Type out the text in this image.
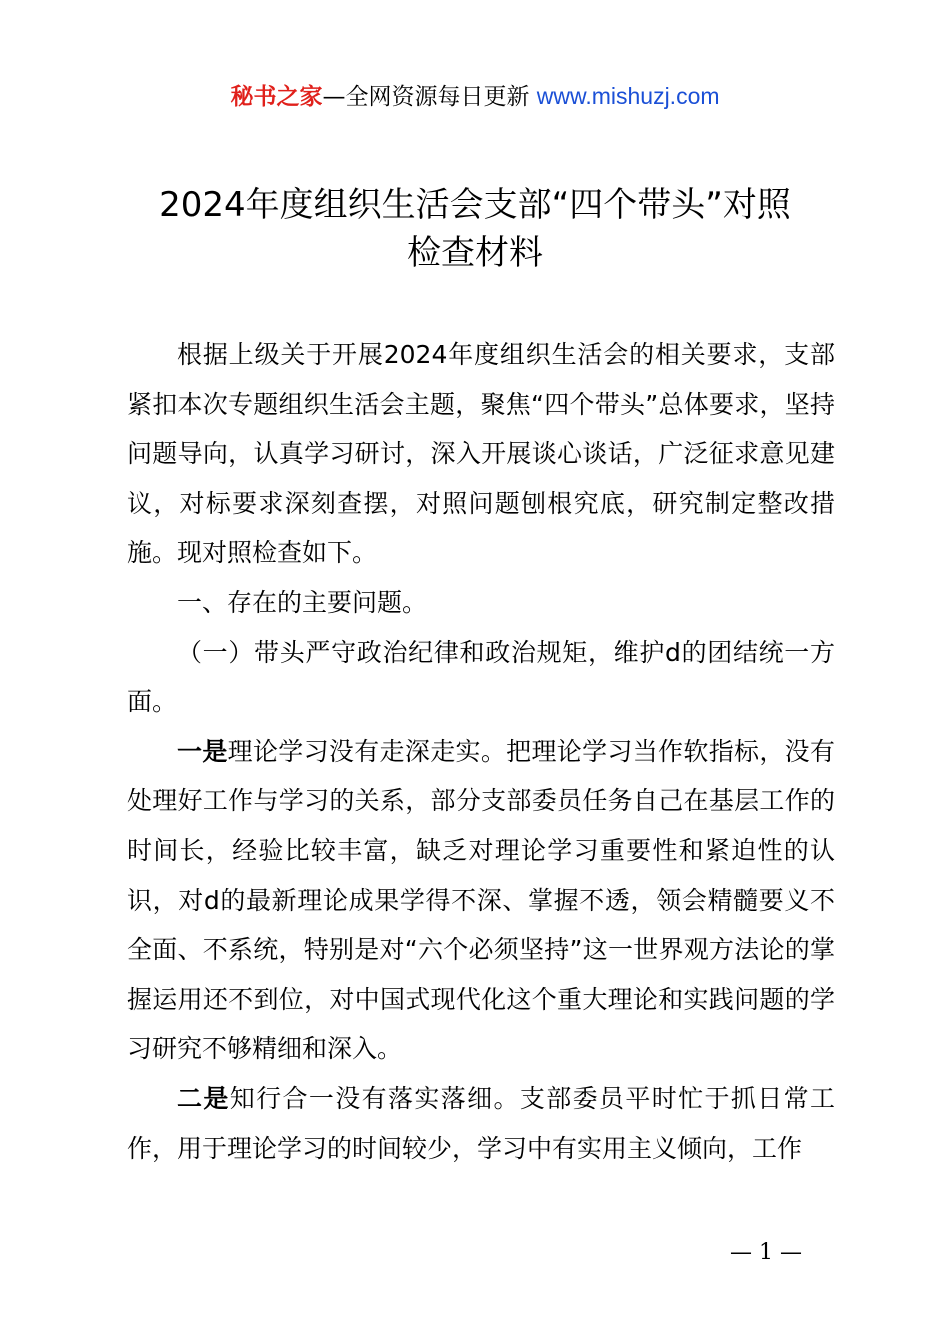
秘书之家—全网资源每日更新 www.mishuzj.com
2024年度组织生活会支部“四个带头”对照
检查材料

根据上级关于开展2024年度组织生活会的相关要求，支部紧扣本次专题组织生活会主题，聚焦“四个带头”总体要求，坚持问题导向，认真学习研讨，深入开展谈心谈话，广泛征求意见建议，对标要求深刻查摆，对照问题刨根究底，研究制定整改措施。现对照检查如下。

一、存在的主要问题。

（一）带头严守政治纪律和政治规矩，维护d的团结统一方面。

一是理论学习没有走深走实。把理论学习当作软指标，没有处理好工作与学习的关系，部分支部委员任务自己在基层工作的时间长，经验比较丰富，缺乏对理论学习重要性和紧迫性的认识，对d的最新理论成果学得不深、掌握不透，领会精髓要义不全面、不系统，特别是对“六个必须坚持”这一世界观方法论的掌握运用还不到位，对中国式现代化这个重大理论和实践问题的学习研究不够精细和深入。

二是知行合一没有落实落细。支部委员平时忙于抓日常工作，用于理论学习的时间较少，学习中有实用主义倾向，工作

— 1 —
